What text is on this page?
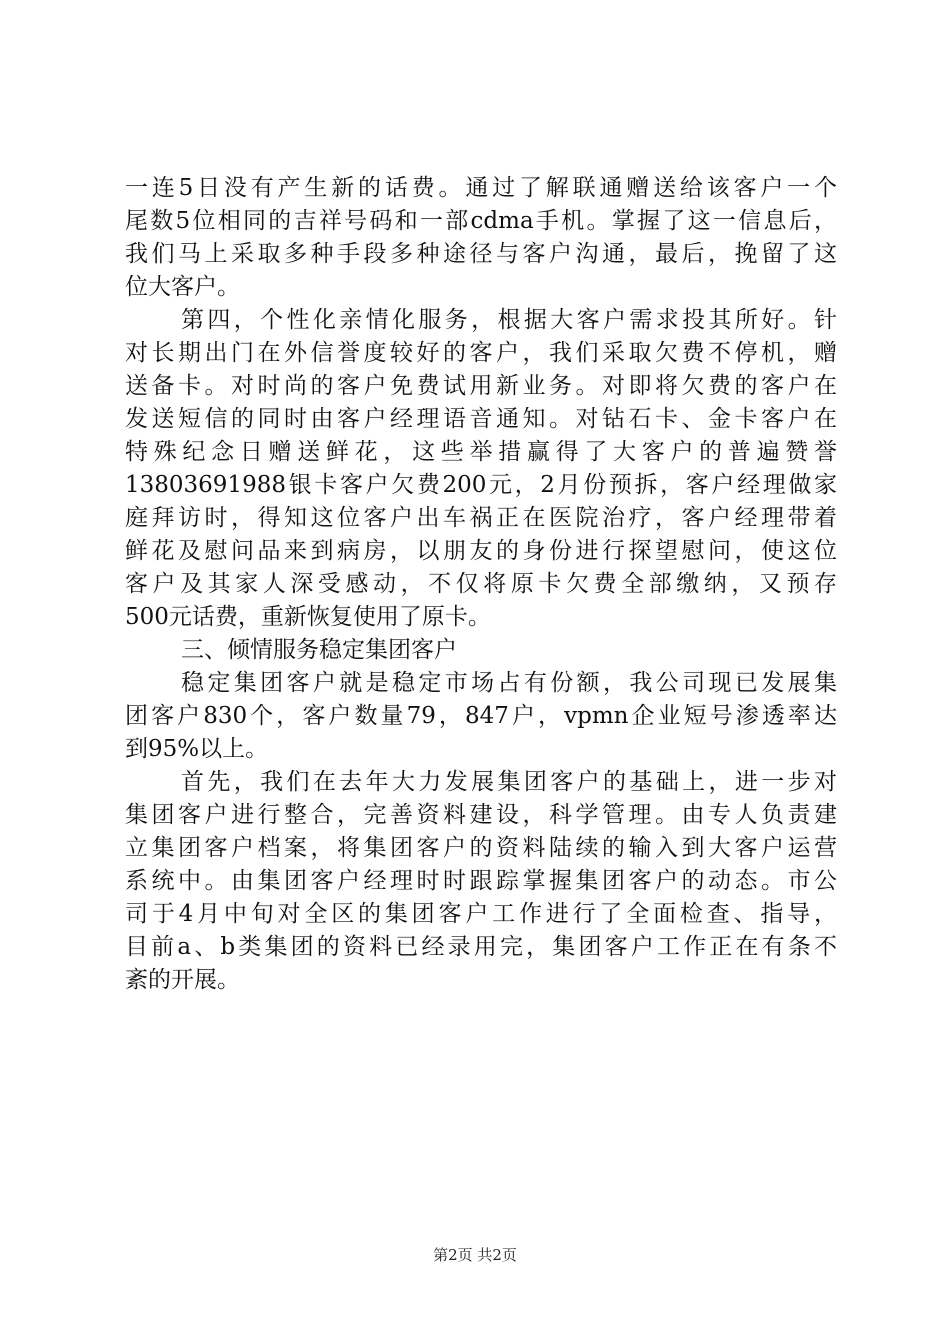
一连5日没有产生新的话费。通过了解联通赠送给该客户一个
尾数5位相同的吉祥号码和一部cdma手机。掌握了这一信息后，
我们马上采取多种手段多种途径与客户沟通，最后，挽留了这
位大客户。
第四，个性化亲情化服务，根据大客户需求投其所好。针
对长期出门在外信誉度较好的客户，我们采取欠费不停机，赠
送备卡。对时尚的客户免费试用新业务。对即将欠费的客户在
发送短信的同时由客户经理语音通知。对钻石卡、金卡客户在
特殊纪念日赠送鲜花，这些举措赢得了大客户的普遍赞誉
13803691988银卡客户欠费200元，2月份预拆，客户经理做家
庭拜访时，得知这位客户出车祸正在医院治疗，客户经理带着
鲜花及慰问品来到病房，以朋友的身份进行探望慰问，使这位
客户及其家人深受感动，不仅将原卡欠费全部缴纳，又预存
500元话费，重新恢复使用了原卡。
三、倾情服务稳定集团客户
稳定集团客户就是稳定市场占有份额，我公司现已发展集
团客户830个，客户数量79，847户，vpmn企业短号渗透率达
到95%以上。
首先，我们在去年大力发展集团客户的基础上，进一步对
集团客户进行整合，完善资料建设，科学管理。由专人负责建
立集团客户档案，将集团客户的资料陆续的输入到大客户运营
系统中。由集团客户经理时时跟踪掌握集团客户的动态。市公
司于4月中旬对全区的集团客户工作进行了全面检查、指导，
目前a、b类集团的资料已经录用完，集团客户工作正在有条不
紊的开展。
第2页 共2页
